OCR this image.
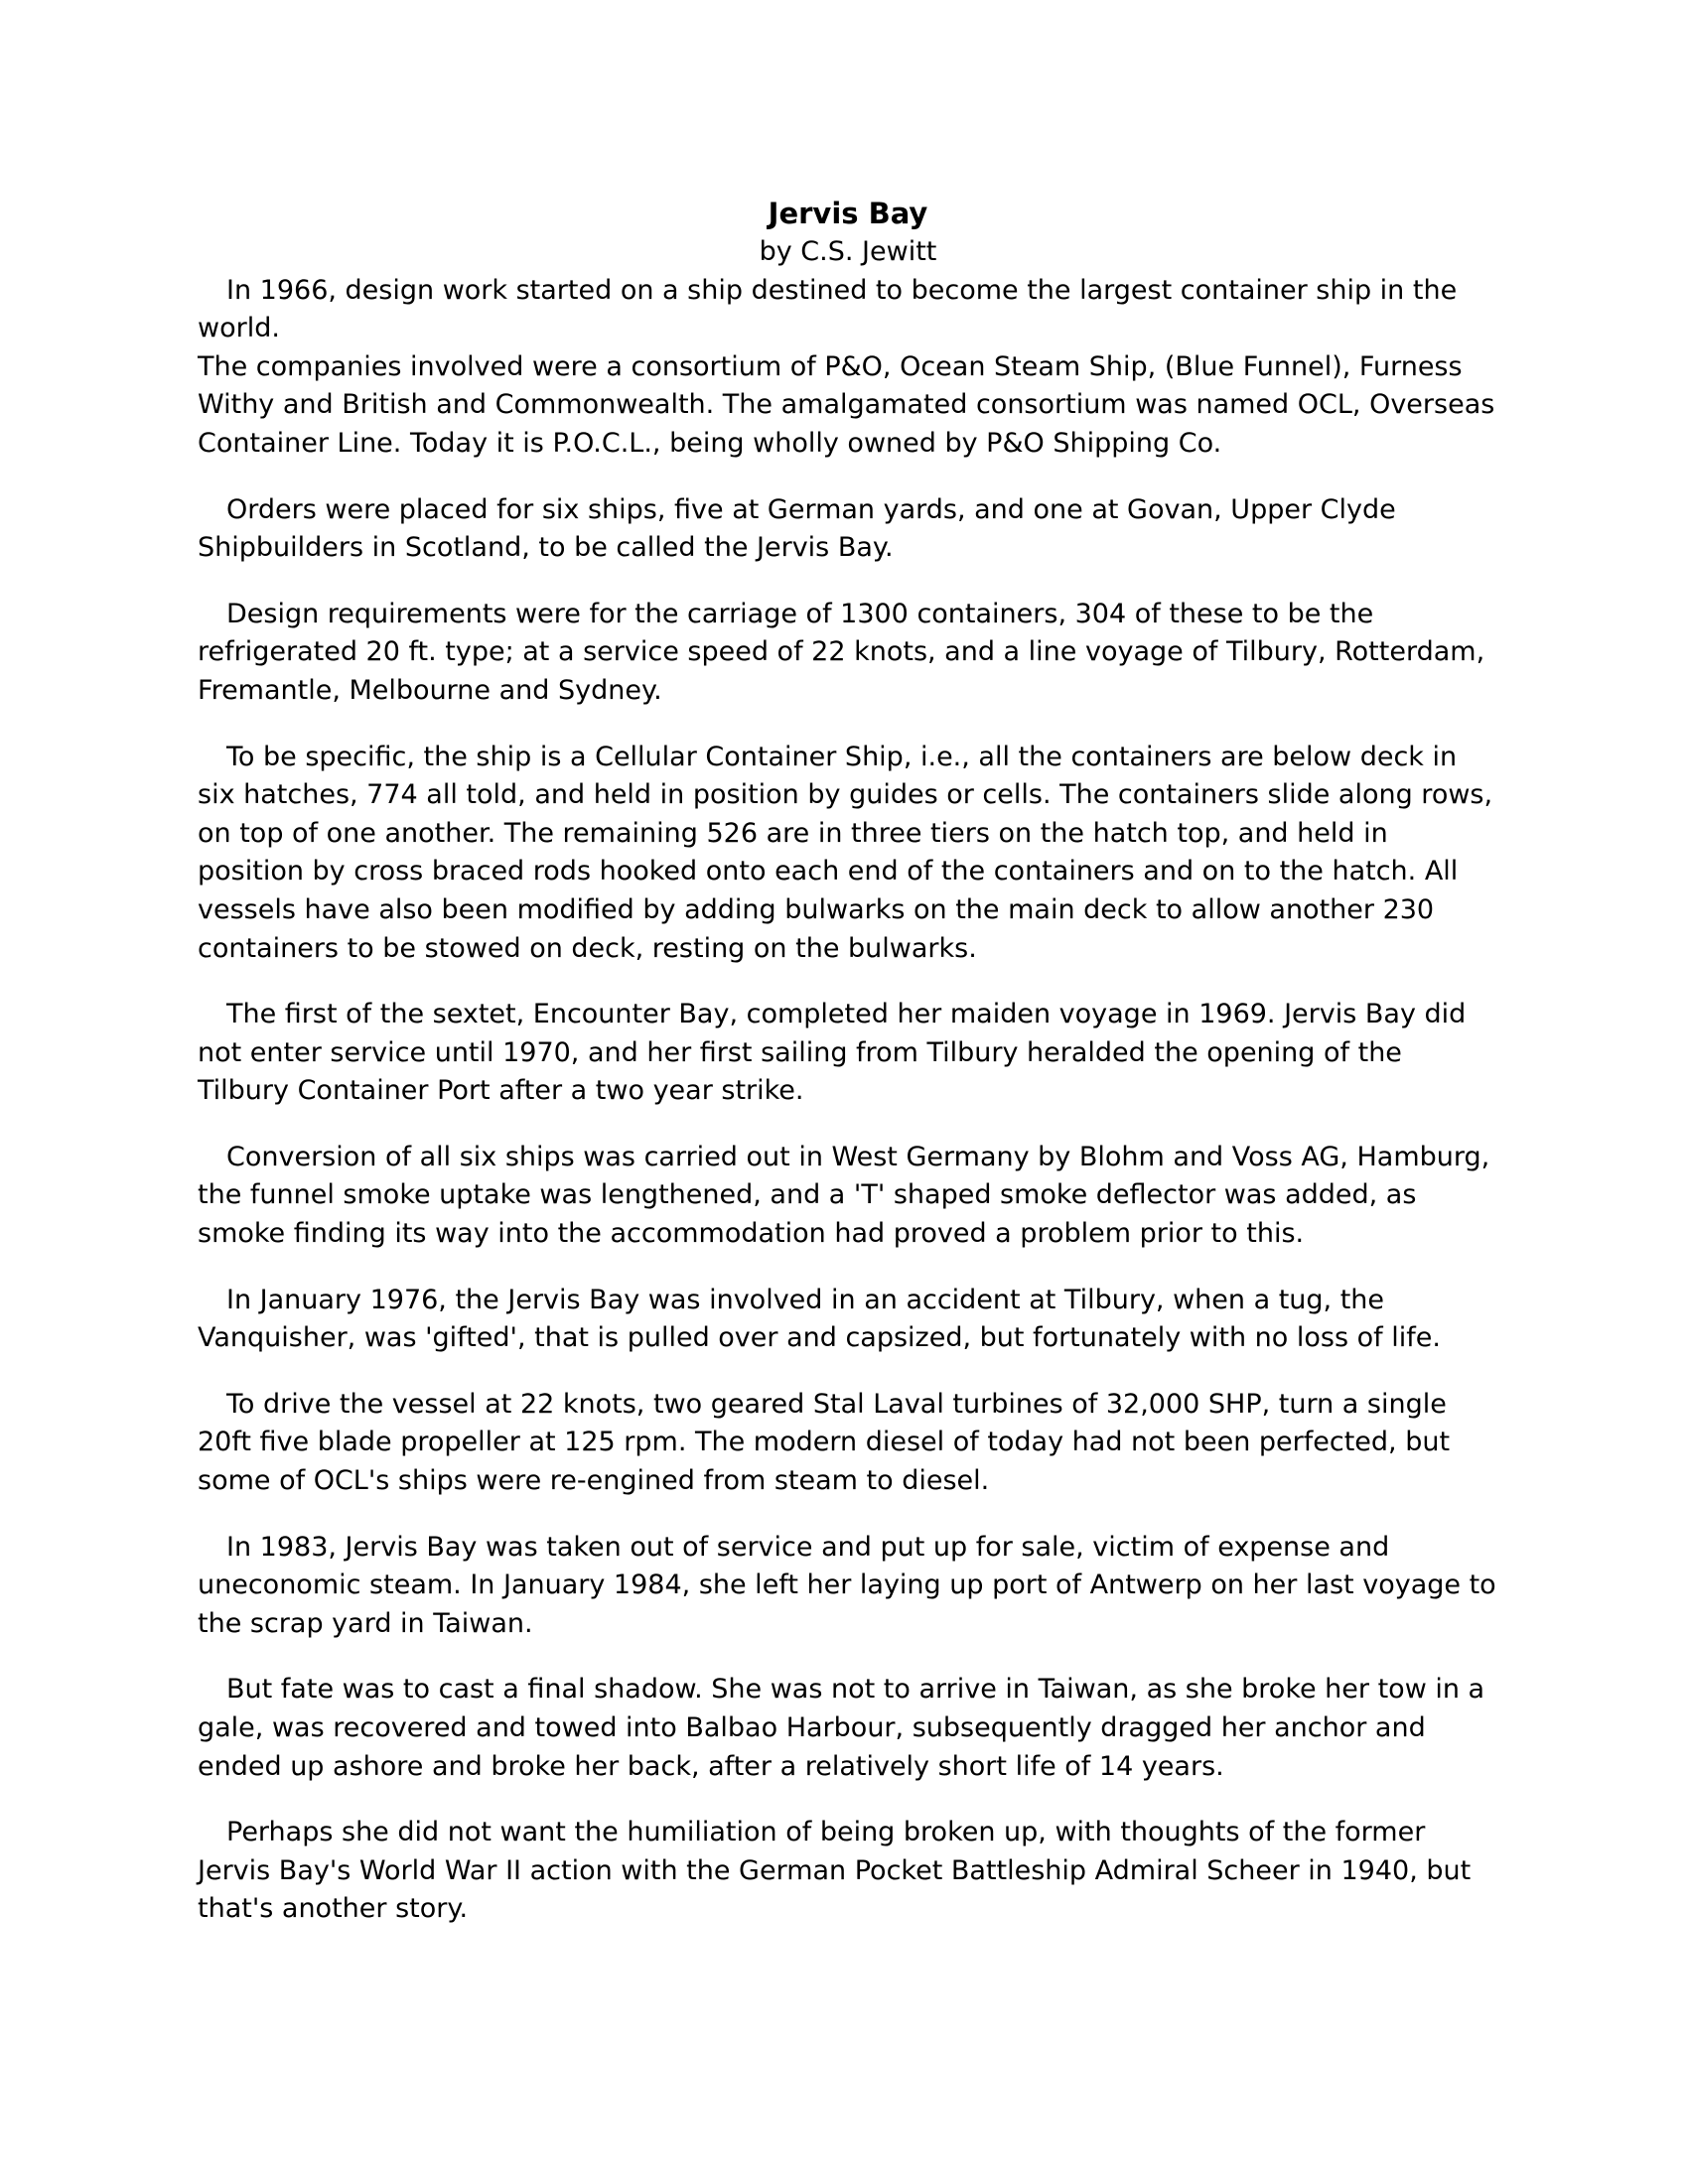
Jervis Bay

by C.S. Jewitt

In 1966, design work started on a ship destined to become the largest container ship in the world.

The companies involved were a consortium of P&O, Ocean Steam Ship, (Blue Funnel), Furness Withy and British and Commonwealth. The amalgamated consortium was named OCL, Overseas Container Line. Today it is P.O.C.L., being wholly owned by P&O Shipping Co.

Orders were placed for six ships, five at German yards, and one at Govan, Upper Clyde Shipbuilders in Scotland, to be called the Jervis Bay.

Design requirements were for the carriage of 1300 containers, 304 of these to be the refrigerated 20 ft. type; at a service speed of 22 knots, and a line voyage of Tilbury, Rotterdam, Fremantle, Melbourne and Sydney.

To be specific, the ship is a Cellular Container Ship, i.e., all the containers are below deck in six hatches, 774 all told, and held in position by guides or cells. The containers slide along rows, on top of one another. The remaining 526 are in three tiers on the hatch top, and held in position by cross braced rods hooked onto each end of the containers and on to the hatch. All vessels have also been modified by adding bulwarks on the main deck to allow another 230 containers to be stowed on deck, resting on the bulwarks.

The first of the sextet, Encounter Bay, completed her maiden voyage in 1969. Jervis Bay did not enter service until 1970, and her first sailing from Tilbury heralded the opening of the Tilbury Container Port after a two year strike.

Conversion of all six ships was carried out in West Germany by Blohm and Voss AG, Hamburg, the funnel smoke uptake was lengthened, and a 'T' shaped smoke deflector was added, as smoke finding its way into the accommodation had proved a problem prior to this.

In January 1976, the Jervis Bay was involved in an accident at Tilbury, when a tug, the Vanquisher, was 'gifted', that is pulled over and capsized, but fortunately with no loss of life.

To drive the vessel at 22 knots, two geared Stal Laval turbines of 32,000 SHP, turn a single 20ft five blade propeller at 125 rpm. The modern diesel of today had not been perfected, but some of OCL's ships were re-engined from steam to diesel.

In 1983, Jervis Bay was taken out of service and put up for sale, victim of expense and uneconomic steam. In January 1984, she left her laying up port of Antwerp on her last voyage to the scrap yard in Taiwan.

But fate was to cast a final shadow. She was not to arrive in Taiwan, as she broke her tow in a gale, was recovered and towed into Balbao Harbour, subsequently dragged her anchor and ended up ashore and broke her back, after a relatively short life of 14 years.

Perhaps she did not want the humiliation of being broken up, with thoughts of the former Jervis Bay's World War II action with the German Pocket Battleship Admiral Scheer in 1940, but that's another story.
